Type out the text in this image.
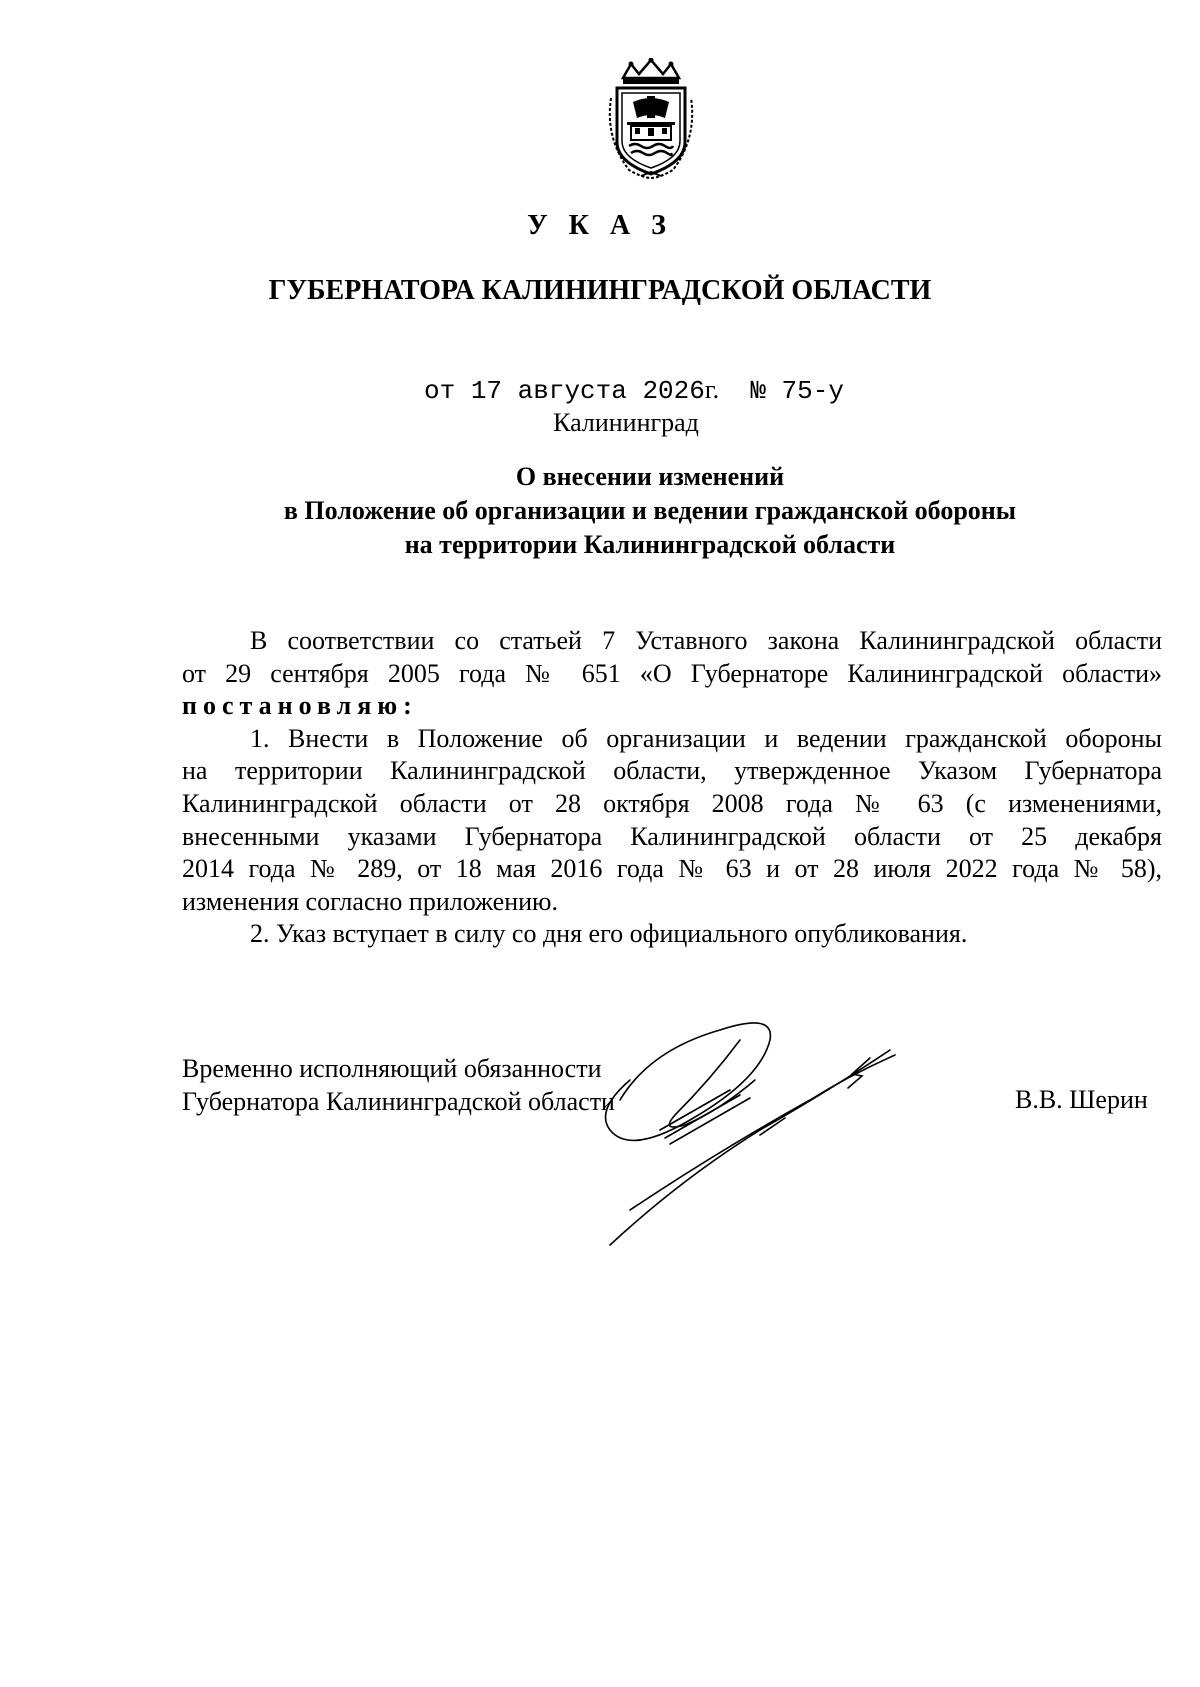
У К А З
ГУБЕРНАТОРА КАЛИНИНГРАДСКОЙ ОБЛАСТИ
от 17 августа 2026г. № 75-у
Калининград
О внесении изменений
в Положение об организации и ведении гражданской обороны
на территории Калининградской области
В соответствии со статьей 7 Уставного закона Калининградской области
от 29 сентября 2005 года № 651 «О Губернаторе Калининградской области»
постановляю:
1. Внести в Положение об организации и ведении гражданской обороны
на территории Калининградской области, утвержденное Указом Губернатора
Калининградской области от 28 октября 2008 года № 63 (с изменениями,
внесенными указами Губернатора Калининградской области от 25 декабря
2014 года № 289, от 18 мая 2016 года № 63 и от 28 июля 2022 года № 58),
изменения согласно приложению.
2. Указ вступает в силу со дня его официального опубликования.
Временно исполняющий обязанности
Губернатора Калининградской области	В.В. Шерин
